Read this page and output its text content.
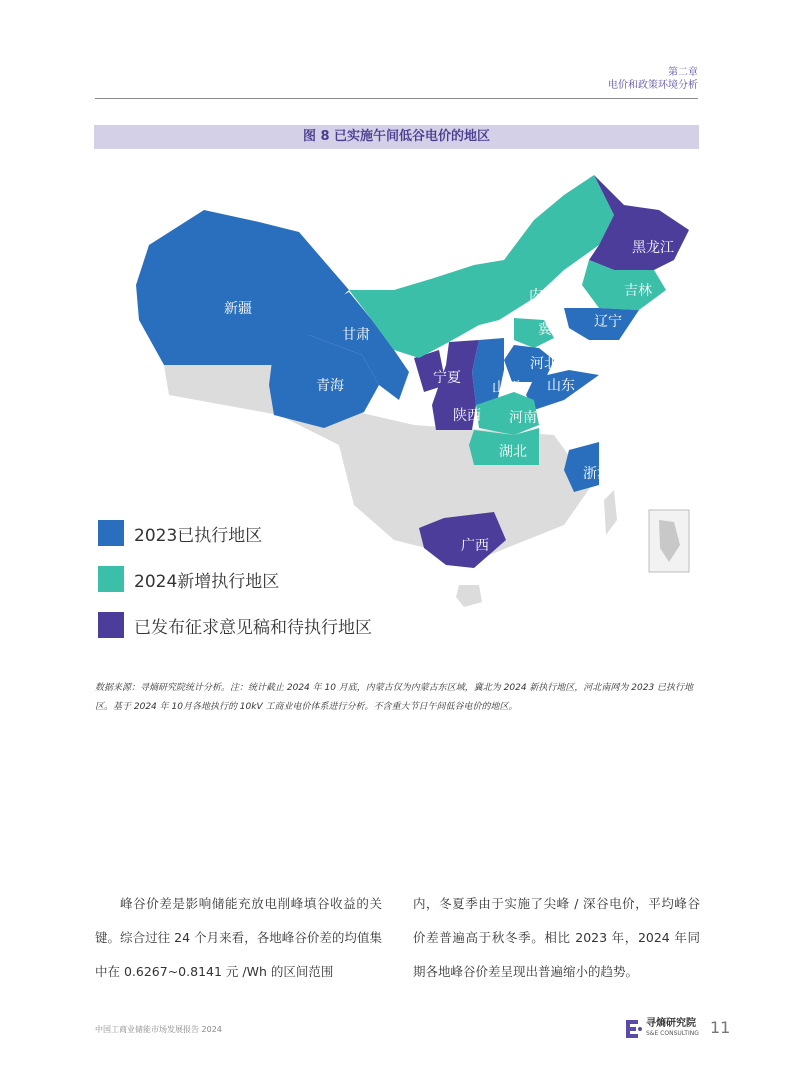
第二章
电价和政策环境分析
图 8 已实施午间低谷电价的地区
新疆
青海
甘肃
宁夏
内蒙古东
黑龙江
吉林
辽宁
冀北
河北南
山西 山东
陕西 河南
湖北
浙江
广西
2023已执行地区
2024新增执行地区
已发布征求意见稿和待执行地区
数据来源：寻熵研究院统计分析。注：统计截止 2024 年 10 月底，内蒙古仅为内蒙古东区域，冀北为 2024 新执行地区，河北南网为 2023 已执行地区。基于 2024 年 10月各地执行的 10kV 工商业电价体系进行分析。不含重大节日午间低谷电价的地区。
峰谷价差是影响储能充放电削峰填谷收益的关键。综合过往 24 个月来看，各地峰谷价差的均值集中在 0.6267~0.8141 元 /Wh 的区间范围
内，冬夏季由于实施了尖峰 / 深谷电价，平均峰谷价差普遍高于秋冬季。相比 2023 年，2024 年同期各地峰谷价差呈现出普遍缩小的趋势。
中国工商业储能市场发展报告 2024
寻熵研究院
S&E CONSULTING 11
